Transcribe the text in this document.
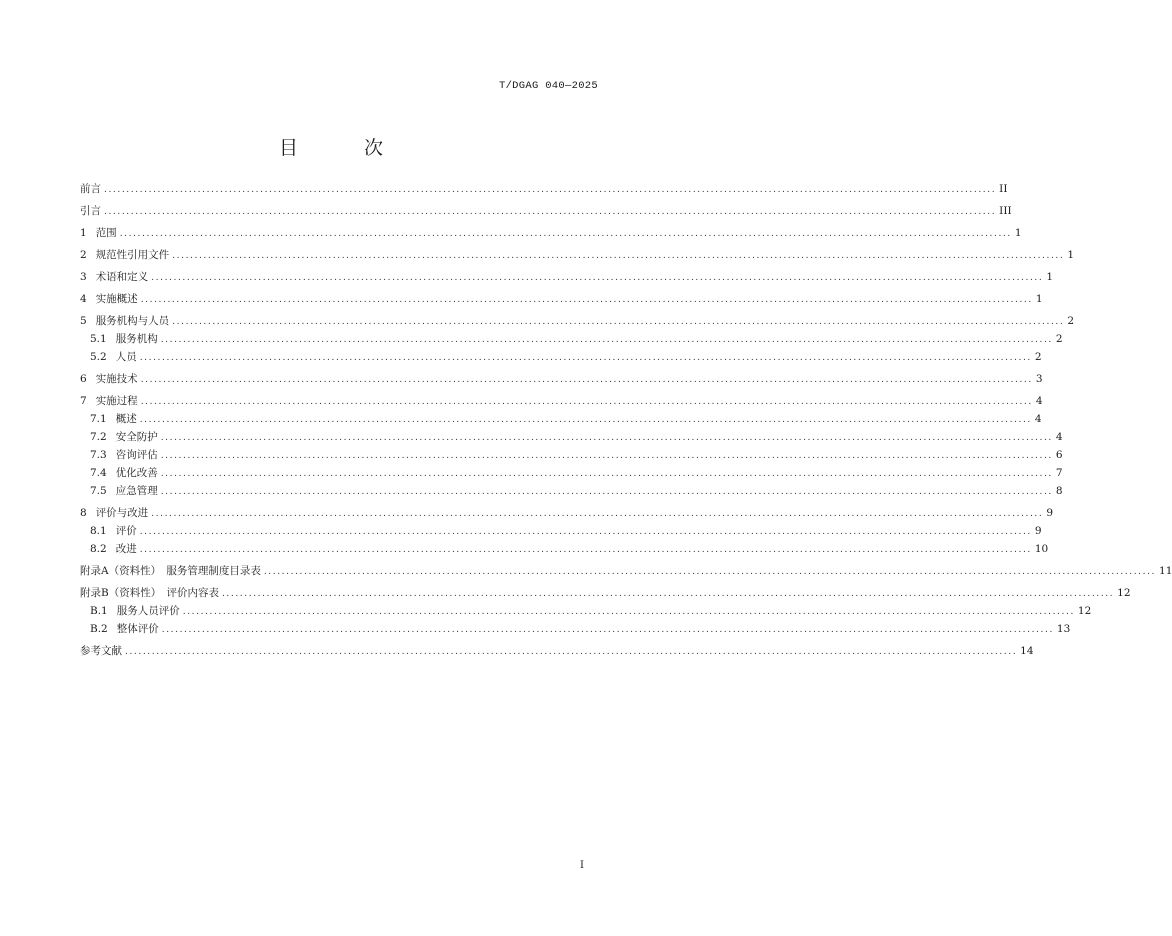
T/DGAG 040—2025
目 次
前言 ........................................................................................................................................................................................................ II
引言 ........................................................................................................................................................................................................ III
1 范围 ........................................................................................................................................................................................................ 1
2 规范性引用文件 ........................................................................................................................................................................................................ 1
3 术语和定义 ........................................................................................................................................................................................................ 1
4 实施概述 ........................................................................................................................................................................................................ 1
5 服务机构与人员 ........................................................................................................................................................................................................ 2
5.1 服务机构 ........................................................................................................................................................................................................ 2
5.2 人员 ........................................................................................................................................................................................................ 2
6 实施技术 ........................................................................................................................................................................................................ 3
7 实施过程 ........................................................................................................................................................................................................ 4
7.1 概述 ........................................................................................................................................................................................................ 4
7.2 安全防护 ........................................................................................................................................................................................................ 4
7.3 咨询评估 ........................................................................................................................................................................................................ 6
7.4 优化改善 ........................................................................................................................................................................................................ 7
7.5 应急管理 ........................................................................................................................................................................................................ 8
8 评价与改进 ........................................................................................................................................................................................................ 9
8.1 评价 ........................................................................................................................................................................................................ 9
8.2 改进 ........................................................................................................................................................................................................ 10
附录A（资料性）　服务管理制度目录表 ........................................................................................................................................................................................................ 11
附录B（资料性）　评价内容表 ........................................................................................................................................................................................................ 12
B.1 服务人员评价 ........................................................................................................................................................................................................ 12
B.2 整体评价 ........................................................................................................................................................................................................ 13
参考文献 ........................................................................................................................................................................................................ 14
I
